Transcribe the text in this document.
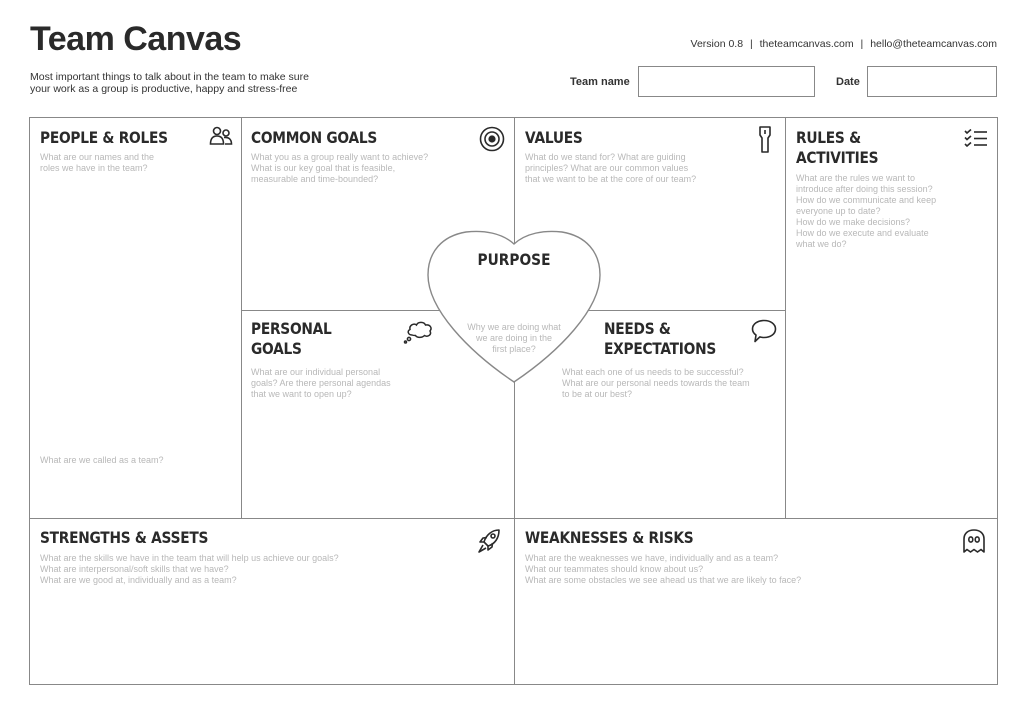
Team Canvas
Most important things to talk about in the team to make sure
your work as a group is productive, happy and stress-free
Version 0.8 | theteamcanvas.com | hello@theteamcanvas.com
Team name	Date
PEOPLE & ROLES
What are our names and the
roles we have in the team?
What are we called as a team?
COMMON GOALS
What you as a group really want to achieve?
What is our key goal that is feasible,
measurable and time-bounded?
VALUES
What do we stand for? What are guiding
principles? What are our common values
that we want to be at the core of our team?
RULES &
ACTIVITIES
What are the rules we want to
introduce after doing this session?
How do we communicate and keep
everyone up to date?
How do we make decisions?
How do we execute and evaluate
what we do?
PERSONAL
GOALS
What are our individual personal
goals? Are there personal agendas
that we want to open up?
NEEDS &
EXPECTATIONS
What each one of us needs to be successful?
What are our personal needs towards the team
to be at our best?
PURPOSE
Why we are doing what
we are doing in the
first place?
STRENGTHS & ASSETS
What are the skills we have in the team that will help us achieve our goals?
What are interpersonal/soft skills that we have?
What are we good at, individually and as a team?
WEAKNESSES & RISKS
What are the weaknesses we have, individually and as a team?
What our teammates should know about us?
What are some obstacles we see ahead us that we are likely to face?
